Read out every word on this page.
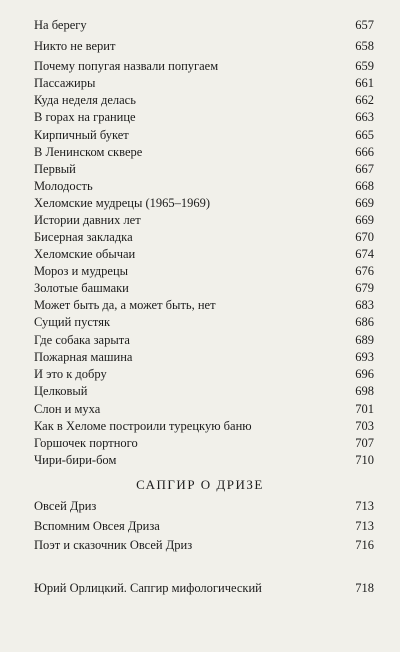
На берегу	657
Никто не верит	658
Почему попугая назвали попугаем	659
Пассажиры	661
Куда неделя делась	662
В горах на границе	663
Кирпичный букет	665
В Ленинском сквере	666
Первый	667
Молодость	668
Хеломские мудрецы (1965–1969)	669
Истории давних лет	669
Бисерная закладка	670
Хеломские обычаи	674
Мороз и мудрецы	676
Золотые башмаки	679
Может быть да, а может быть, нет	683
Сущий пустяк	686
Где собака зарыта	689
Пожарная машина	693
И это к добру	696
Целковый	698
Слон и муха	701
Как в Хеломе построили турецкую баню	703
Горшочек портного	707
Чири-бири-бом	710
САПГИР О ДРИЗЕ
Овсей Дриз	713
Вспомним Овсея Дриза	713
Поэт и сказочник Овсей Дриз	716
Юрий Орлицкий. Сапгир мифологический	718
